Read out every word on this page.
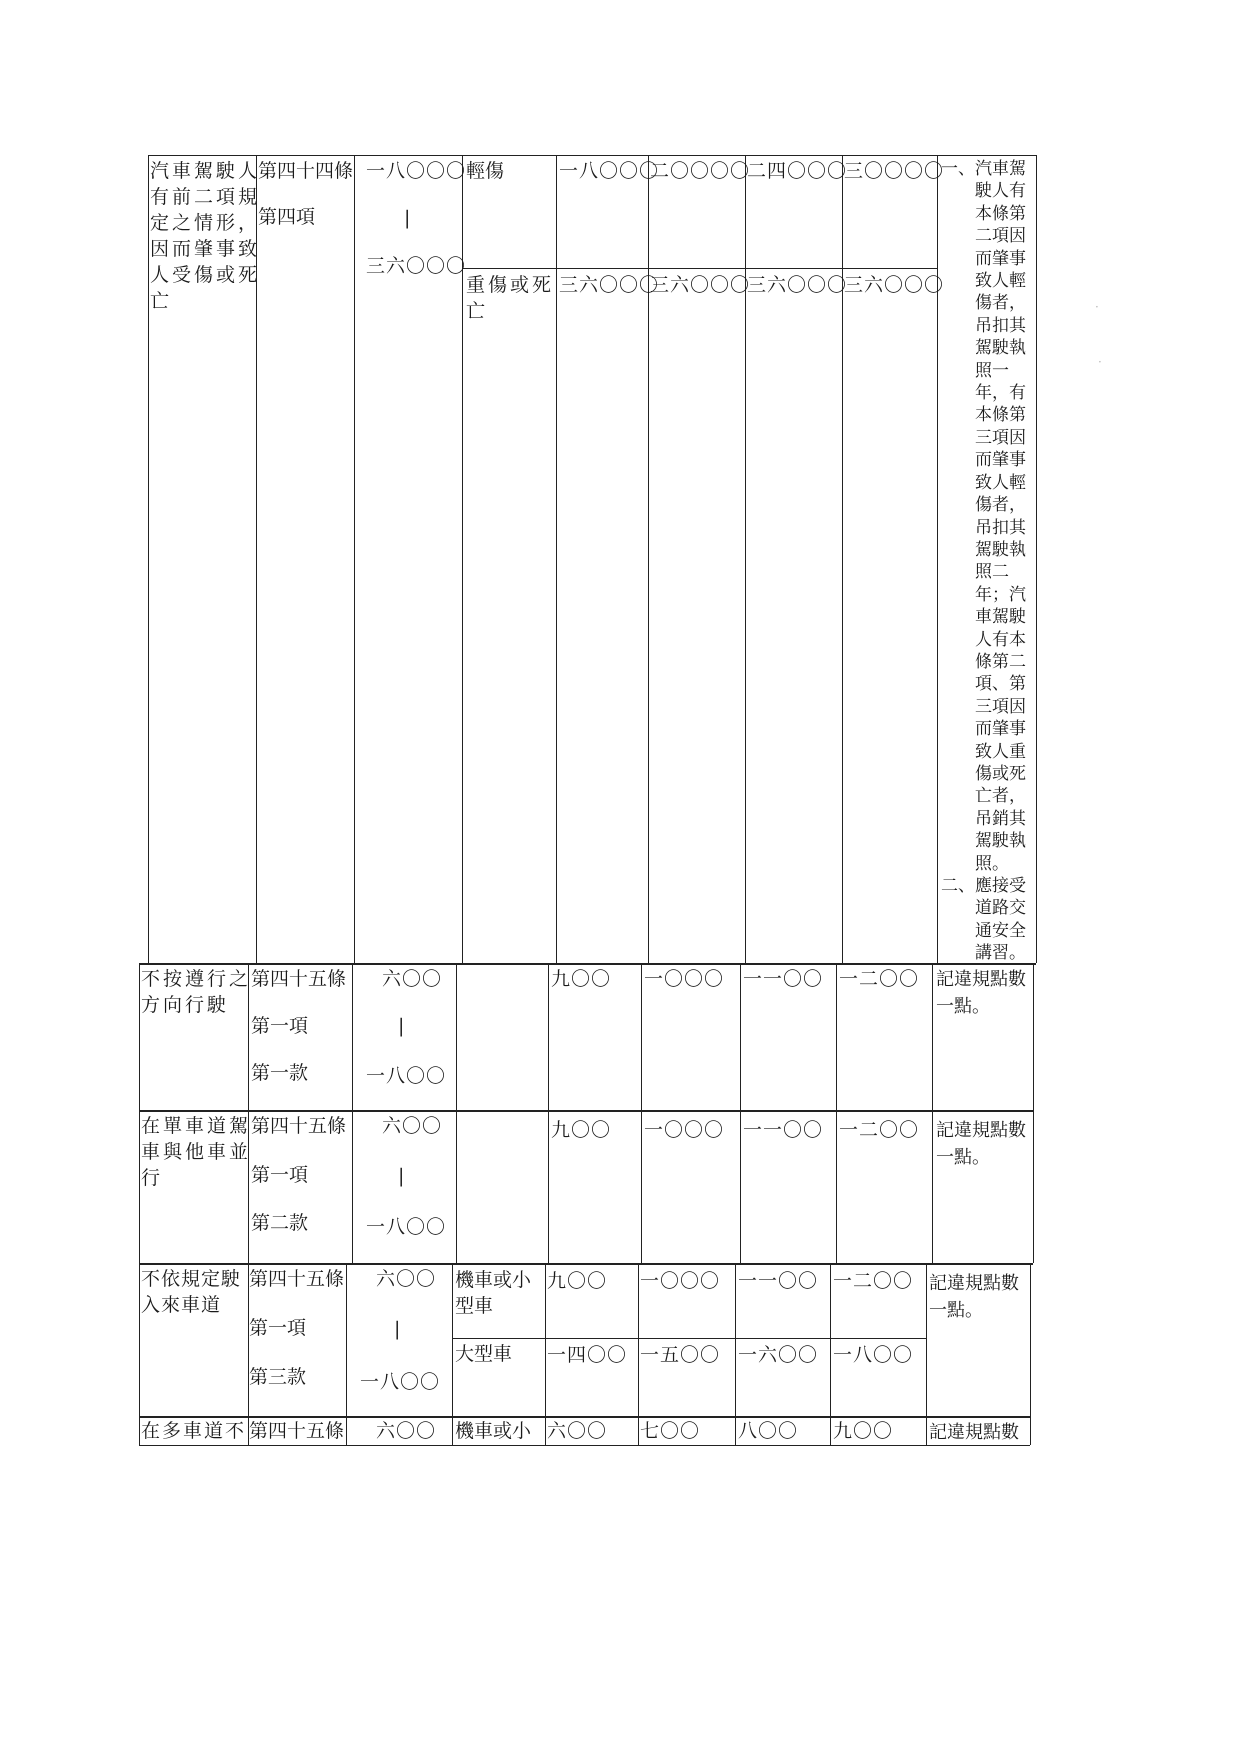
汽車駕駛人
有前二項規
定之情形，
因而肇事致
人受傷或死
亡
第四十四條
第四項
一八〇〇〇
|
三六〇〇〇
輕傷	一八〇〇〇
二〇〇〇〇
二四〇〇〇
三〇〇〇〇
重傷或死
亡
三六〇〇〇
三六〇〇〇
三六〇〇〇
三六〇〇〇
一、汽車駕
　　駛人有
　　本條第
　　二項因
　　而肇事
　　致人輕
　　傷者，
　　吊扣其
　　駕駛執
　　照一
　　年，有
　　本條第
　　三項因
　　而肇事
　　致人輕
　　傷者，
　　吊扣其
　　駕駛執
　　照二
　　年；汽
　　車駕駛
　　人有本
　　條第二
　　項、第
　　三項因
　　而肇事
　　致人重
　　傷或死
　　亡者，
　　吊銷其
　　駕駛執
　　照。
二、應接受
　　道路交
　　通安全
　　講習。
不按遵行之
方向行駛
第四十五條
第一項
第一款
六〇〇
|
一八〇〇
九〇〇 一〇〇〇 一一〇〇 一二〇〇 記違規點數
一點。
在單車道駕
車與他車並
行
第四十五條
第一項
第二款
六〇〇
|
一八〇〇
九〇〇 一〇〇〇 一一〇〇 一二〇〇 記違規點數
一點。
不依規定駛
入來車道
第四十五條
第一項
第三款
六〇〇
|
一八〇〇
機車或小
型車
九〇〇 一〇〇〇 一一〇〇 一二〇〇
大型車 一四〇〇 一五〇〇 一六〇〇 一八〇〇
記違規點數
一點。
在多車道不 第四十五條 六〇〇 機車或小 六〇〇 七〇〇 八〇〇 九〇〇 記違規點數
·
·
